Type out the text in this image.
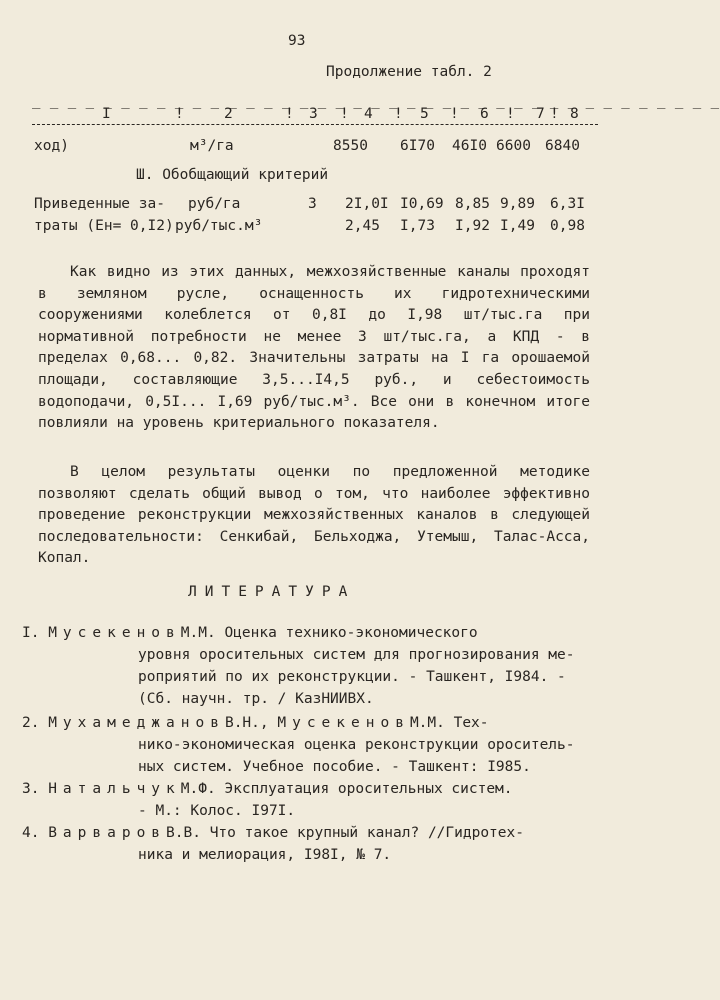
93
Продолжение табл. 2
_ _ _ _ _ _ _ _ _ _ _ _ _ _ _ _ _ _ _ _ _ _ _ _ _ _ _ _ _ _ _ _ _ _ _ _ _ _ _
I	!	2	! 3 ! 4 ! 5 ! 6 ! 7 ! 8
ход)	м³/га	8550 6I70 46I0 6600 6840
Ш. Обобщающий критерий
Приведенные за- руб/га	3 2I,0I I0,69 8,85 9,89 6,3I
траты (Eн= 0,I2) руб/тыс.м³	2,45 I,73 I,92 I,49 0,98
Как видно из этих данных, межхозяйственные каналы проходят в земляном русле, оснащенность их гидротехническими сооружениями колеблется от 0,8I до I,98 шт/тыс.га при нормативной потребности не менее 3 шт/тыс.га, а КПД - в пределах 0,68... 0,82. Значительны затраты на I га орошаемой площади, составляющие 3,5...I4,5 руб., и себестоимость водоподачи, 0,5I... I,69 руб/тыс.м³. Все они в конечном итоге повлияли на уровень критериального показателя.
В целом результаты оценки по предложенной методике позволяют сделать общий вывод о том, что наиболее эффективно проведение реконструкции межхозяйственных каналов в следующей последовательности: Сенкибай, Бельходжа, Утемыш, Талас-Асса, Копал.
ЛИТЕРАТУРА
I. МусекеновМ.М. Оценка технико-экономического
уровня оросительных систем для прогнозирования ме-
роприятий по их реконструкции. - Ташкент, I984. -
(Сб. научн. тр. / КазНИИВХ.
2. МухамеджановВ.Н., МусекеновМ.М. Тех-
нико-экономическая оценка реконструкции ороситель-
ных систем. Учебное пособие. - Ташкент: I985.
3. НатальчукМ.Ф. Эксплуатация оросительных систем.
- М.: Колос. I97I.
4. ВарваровВ.В. Что такое крупный канал? //Гидротех-
ника и мелиорация, I98I, № 7.
